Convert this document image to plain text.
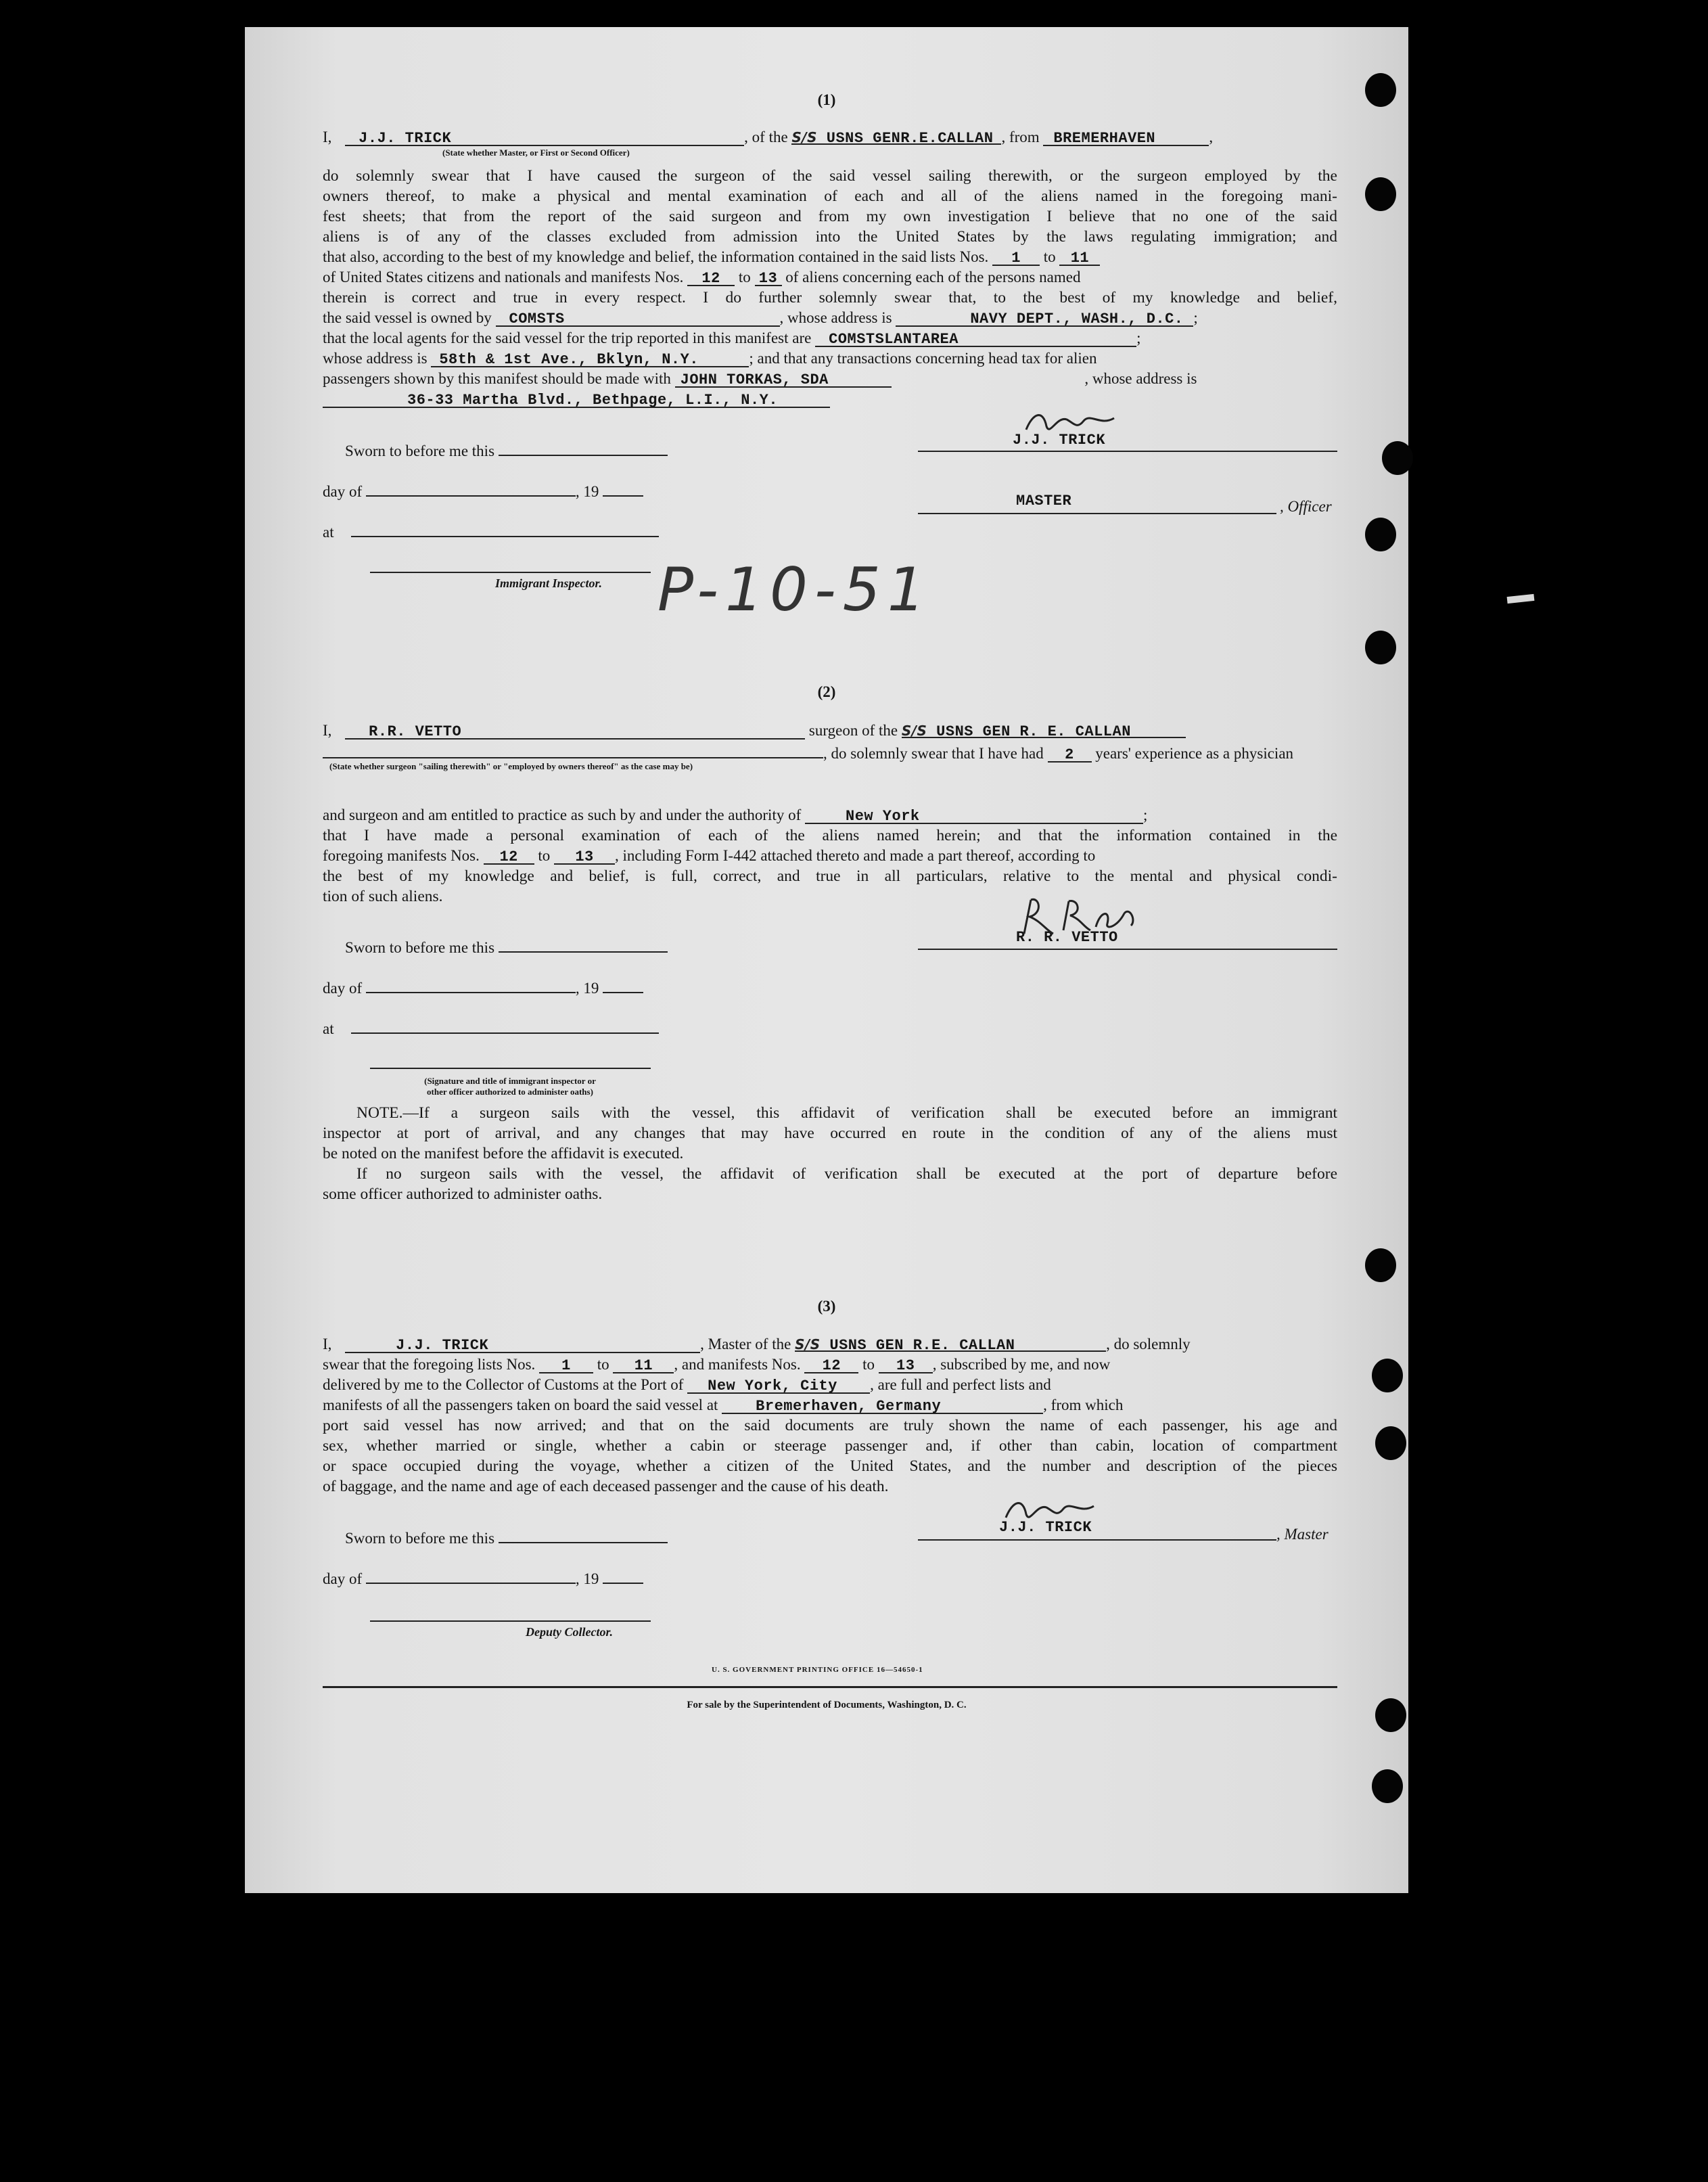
(1)
I, J.J. TRICK	, of the S/S USNS GENR.E.CALLAN , from BREMERHAVEN	,
(State whether Master, or First or Second Officer)
do solemnly swear that I have caused the surgeon of the said vessel sailing therewith, or the surgeon employed by the
owners thereof, to make a physical and mental examination of each and all of the aliens named in the foregoing mani-
fest sheets; that from the report of the said surgeon and from my own investigation I believe that no one of the said
aliens is of any of the classes excluded from admission into the United States by the laws regulating immigration; and
that also, according to the best of my knowledge and belief, the information contained in the said lists Nos. 1 to 11
of United States citizens and nationals and manifests Nos. 12 to 13 of aliens concerning each of the persons named
therein is correct and true in every respect. I do further solemnly swear that, to the best of my knowledge and belief,
the said vessel is owned by COMSTS	, whose address is	NAVY DEPT., WASH., D.C. ;
that the local agents for the said vessel for the trip reported in this manifest are COMSTSLANTAREA	;
whose address is 58th & 1st Ave., Bklyn, N.Y.	; and that any transactions concerning head tax for alien
passengers shown by this manifest should be made with JOHN TORKAS, SDA	, whose address is
36-33 Martha Blvd., Bethpage, L.I., N.Y.
Sworn to before me this
J.J. TRICK
day of	, 19
MASTER	, Officer
at
Immigrant Inspector. P-10-51
(2)
I, R.R. VETTO	surgeon of the S/S USNS GEN R. E. CALLAN
, do solemnly swear that I have had 2 years' experience as a physician
(State whether surgeon "sailing therewith" or "employed by owners thereof" as the case may be)
and surgeon and am entitled to practice as such by and under the authority of	New York	;
that I have made a personal examination of each of the aliens named herein; and that the information contained in the
foregoing manifests Nos. 12 to 13 , including Form I-442 attached thereto and made a part thereof, according to
the best of my knowledge and belief, is full, correct, and true in all particulars, relative to the mental and physical condi-
tion of such aliens.
Sworn to before me this
R. R. VETTO
day of	, 19
at
(Signature and title of immigrant inspector or
other officer authorized to administer oaths)
NOTE.—If a surgeon sails with the vessel, this affidavit of verification shall be executed before an immigrant
inspector at port of arrival, and any changes that may have occurred en route in the condition of any of the aliens must
be noted on the manifest before the affidavit is executed.
If no surgeon sails with the vessel, the affidavit of verification shall be executed at the port of departure before
some officer authorized to administer oaths.
(3)
I,	J.J. TRICK	, Master of the S/S USNS GEN R.E. CALLAN	, do solemnly
swear that the foregoing lists Nos. 1 to 11 , and manifests Nos. 12 to 13 , subscribed by me, and now
delivered by me to the Collector of Customs at the Port of New York, City , are full and perfect lists and
manifests of all the passengers taken on board the said vessel at	Bremerhaven, Germany	, from which
port said vessel has now arrived; and that on the said documents are truly shown the name of each passenger, his age and
sex, whether married or single, whether a cabin or steerage passenger and, if other than cabin, location of compartment
or space occupied during the voyage, whether a citizen of the United States, and the number and description of the pieces
of baggage, and the name and age of each deceased passenger and the cause of his death.
Sworn to before me this
J.J. TRICK	, Master
day of	, 19
Deputy Collector.
U. S. GOVERNMENT PRINTING OFFICE 16—54650-1
For sale by the Superintendent of Documents, Washington, D. C.
